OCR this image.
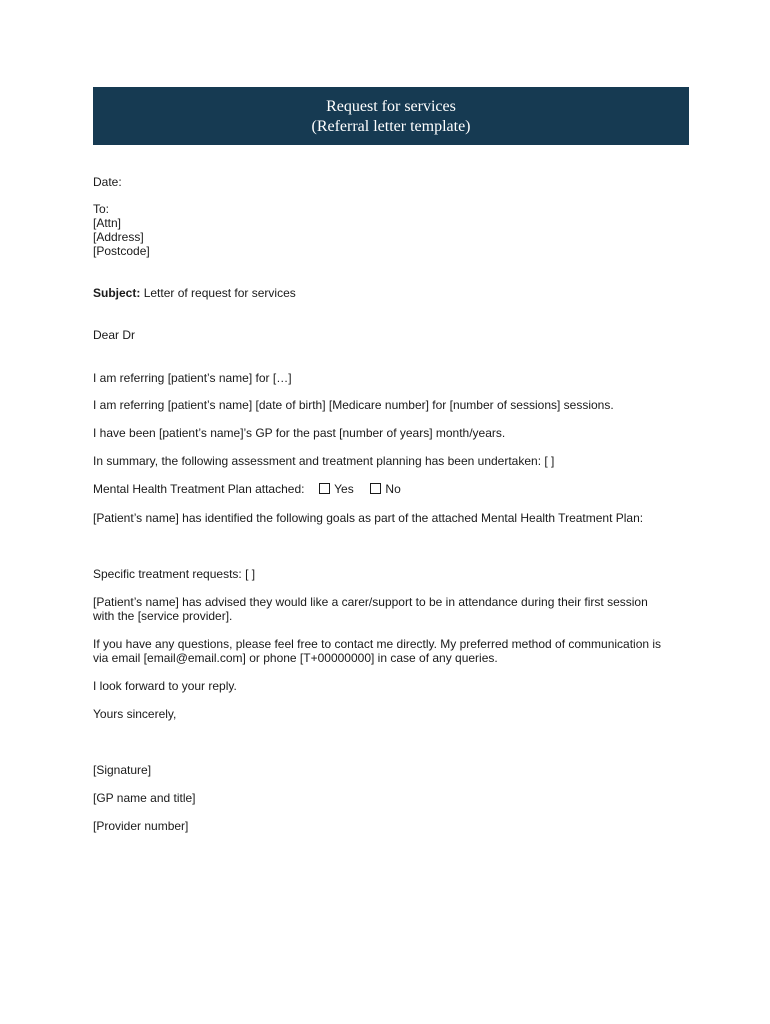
Request for services
(Referral letter template)
Date:
To:
[Attn]
[Address]
[Postcode]
Subject: Letter of request for services
Dear Dr
I am referring [patient’s name] for […]
I am referring [patient’s name] [date of birth] [Medicare number] for [number of sessions] sessions.
I have been [patient’s name]’s GP for the past [number of years] month/years.
In summary, the following assessment and treatment planning has been undertaken: [ ]
Mental Health Treatment Plan attached: Yes	No
[Patient’s name] has identified the following goals as part of the attached Mental Health Treatment Plan:
Specific treatment requests: [ ]
[Patient’s name] has advised they would like a carer/support to be in attendance during their first session with the [service provider].
If you have any questions, please feel free to contact me directly. My preferred method of communication is via email [email@email.com] or phone [T+00000000] in case of any queries.
I look forward to your reply.
Yours sincerely,
[Signature]
[GP name and title]
[Provider number]
